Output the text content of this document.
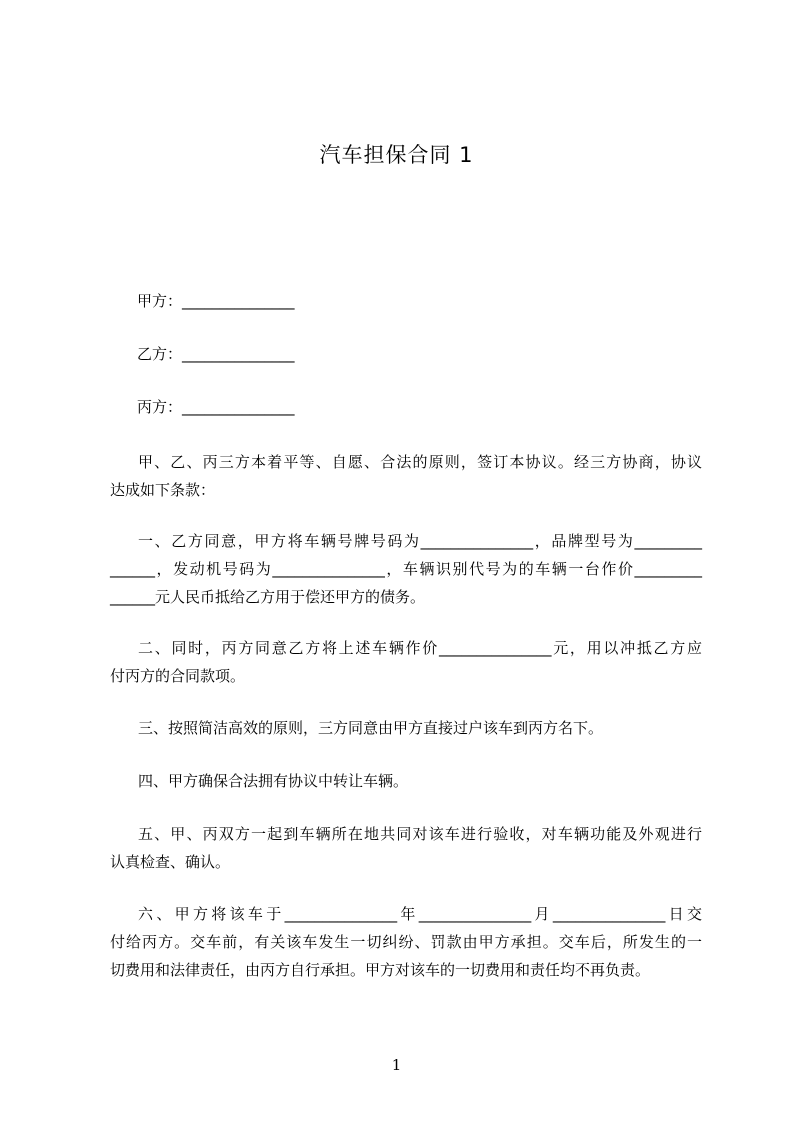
汽车担保合同 1
甲方：_______________
乙方：_______________
丙方：_______________
甲、乙、丙三方本着平等、自愿、合法的原则，签订本协议。经三方协商，协议
达成如下条款：
一、乙方同意，甲方将车辆号牌号码为_______________，品牌型号为_________
______，发动机号码为_______________，车辆识别代号为的车辆一台作价_________
______元人民币抵给乙方用于偿还甲方的债务。
二、同时，丙方同意乙方将上述车辆作价_______________元，用以冲抵乙方应
付丙方的合同款项。
三、按照简洁高效的原则，三方同意由甲方直接过户该车到丙方名下。
四、甲方确保合法拥有协议中转让车辆。
五、甲、丙双方一起到车辆所在地共同对该车进行验收，对车辆功能及外观进行
认真检查、确认。
六、甲方将该车于_______________年_______________月_______________日交
付给丙方。交车前，有关该车发生一切纠纷、罚款由甲方承担。交车后，所发生的一
切费用和法律责任，由丙方自行承担。甲方对该车的一切费用和责任均不再负责。
1
